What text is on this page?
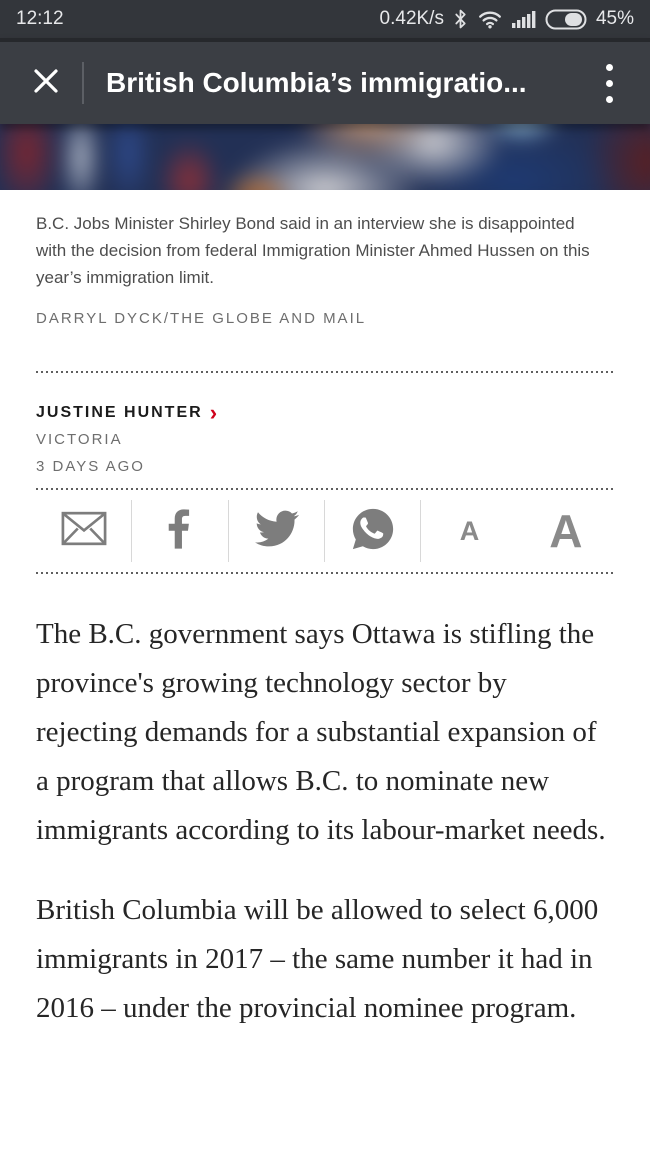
12:12	0.42K/s	45%
British Columbia’s immigratio...

B.C. Jobs Minister Shirley Bond said in an interview she is disappointed with the decision from federal Immigration Minister Ahmed Hussen on this year’s immigration limit.

DARRYL DYCK/THE GLOBE AND MAIL

JUSTINE HUNTER ›
VICTORIA
3 DAYS AGO
A A

The B.C. government says Ottawa is stifling the province's growing technology sector by rejecting demands for a substantial expansion of a program that allows B.C. to nominate new immigrants according to its labour-market needs.

British Columbia will be allowed to select 6,000 immigrants in 2017 – the same number it had in 2016 – under the provincial nominee program.
